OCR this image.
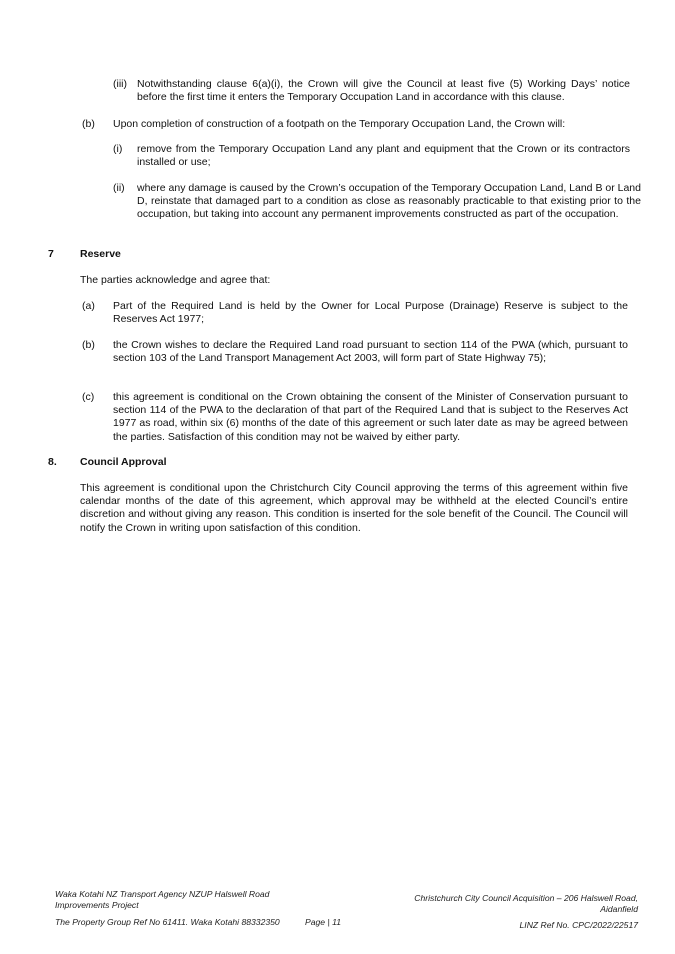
(iii) Notwithstanding clause 6(a)(i), the Crown will give the Council at least five (5) Working Days’ notice before the first time it enters the Temporary Occupation Land in accordance with this clause.

(b) Upon completion of construction of a footpath on the Temporary Occupation Land, the Crown will:

(i) remove from the Temporary Occupation Land any plant and equipment that the Crown or its contractors installed or use;

(ii) where any damage is caused by the Crown’s occupation of the Temporary Occupation Land, Land B or Land D, reinstate that damaged part to a condition as close as reasonably practicable to that existing prior to the occupation, but taking into account any permanent improvements constructed as part of the occupation.

7 Reserve

The parties acknowledge and agree that:

(a) Part of the Required Land is held by the Owner for Local Purpose (Drainage) Reserve is subject to the Reserves Act 1977;

(b) the Crown wishes to declare the Required Land road pursuant to section 114 of the PWA (which, pursuant to section 103 of the Land Transport Management Act 2003, will form part of State Highway 75);

(c) this agreement is conditional on the Crown obtaining the consent of the Minister of Conservation pursuant to section 114 of the PWA to the declaration of that part of the Required Land that is subject to the Reserves Act 1977 as road, within six (6) months of the date of this agreement or such later date as may be agreed between the parties. Satisfaction of this condition may not be waived by either party.

8. Council Approval

This agreement is conditional upon the Christchurch City Council approving the terms of this agreement within five calendar months of the date of this agreement, which approval may be withheld at the elected Council’s entire discretion and without giving any reason. This condition is inserted for the sole benefit of the Council. The Council will notify the Crown in writing upon satisfaction of this condition.

Waka Kotahi NZ Transport Agency NZUP Halswell Road Improvements Project
The Property Group Ref No 61411. Waka Kotahi 88332350	Page | 11
Christchurch City Council Acquisition – 206 Halswell Road, Aidanfield
LINZ Ref No. CPC/2022/22517
